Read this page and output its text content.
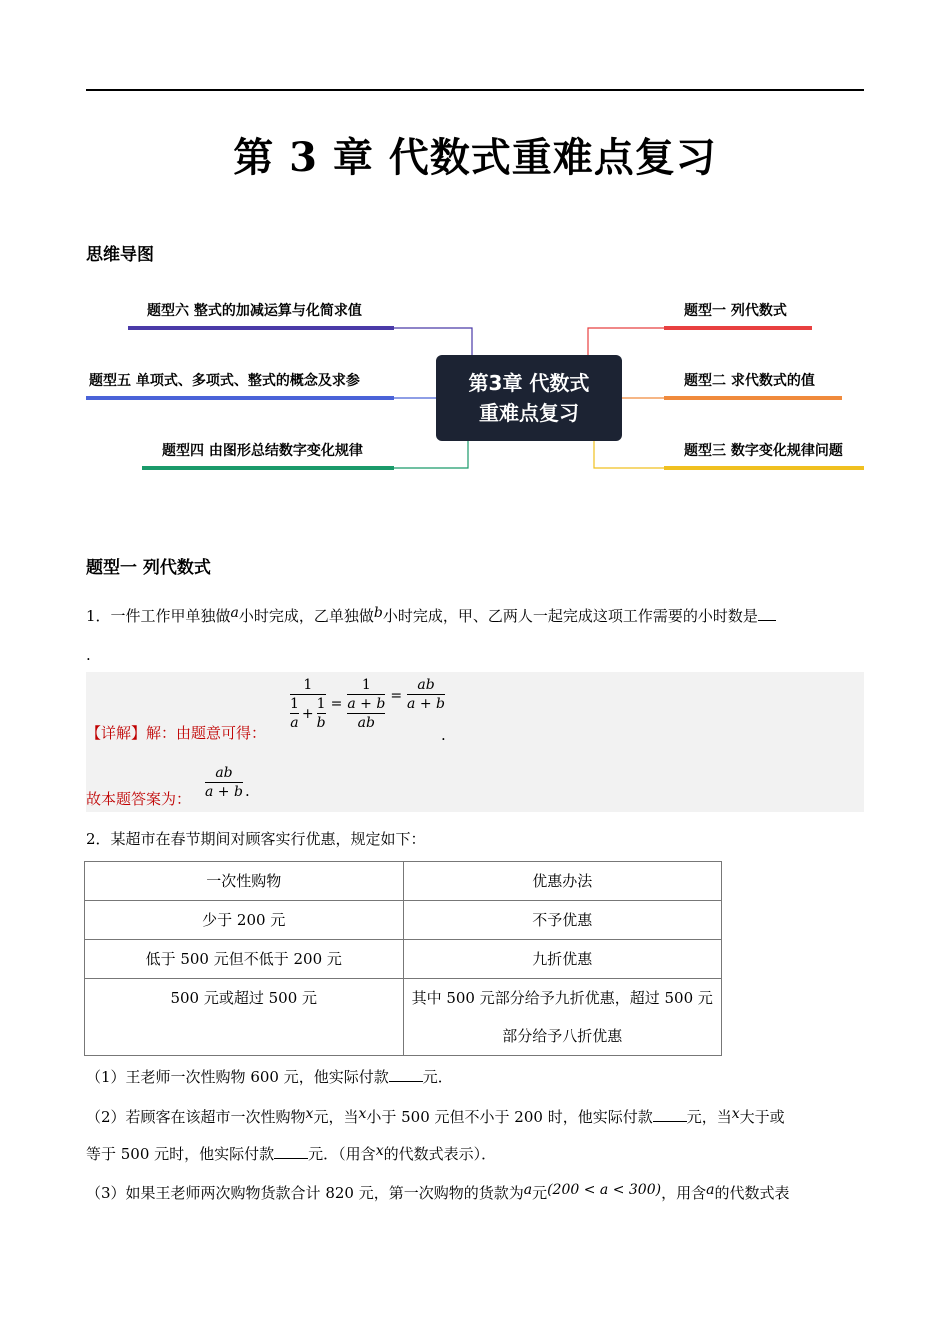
第 3 章 代数式重难点复习
思维导图
题型六 整式的加减运算与化简求值
题型五 单项式、多项式、整式的概念及求参
题型四 由图形总结数字变化规律
题型一 列代数式
题型二 求代数式的值
题型三 数字变化规律问题
第3章 代数式
重难点复习
题型一 列代数式
1．一件工作甲单独做a小时完成，乙单独做b小时完成，甲、乙两人一起完成这项工作需要的小时数是
.
$\frac{1}{\frac{1}{a} + \frac{1}{b}} = \frac{1}{\frac{a + b}{ab}} = \frac{ab}{a + b}$
【详解】解：由题意可得：	.
故本题答案为： $\frac{ab}{a + b}$ .
2．某超市在春节期间对顾客实行优惠，规定如下：
一次性购物	优惠办法
少于 200 元	不予优惠
低于 500 元但不低于 200 元	九折优惠
500 元或超过 500 元	其中 500 元部分给予九折优惠，超过 500 元部分给予八折优惠
（1）王老师一次性购物 600 元，他实际付款 元．
（2）若顾客在该超市一次性购物x元，当x小于 500 元但不小于 200 时，他实际付款 元，当x大于或
等于 500 元时，他实际付款 元．（用含x的代数式表示）．
（3）如果王老师两次购物货款合计 820 元，第一次购物的货款为a元(200 < a < 300)，用含a的代数式表
